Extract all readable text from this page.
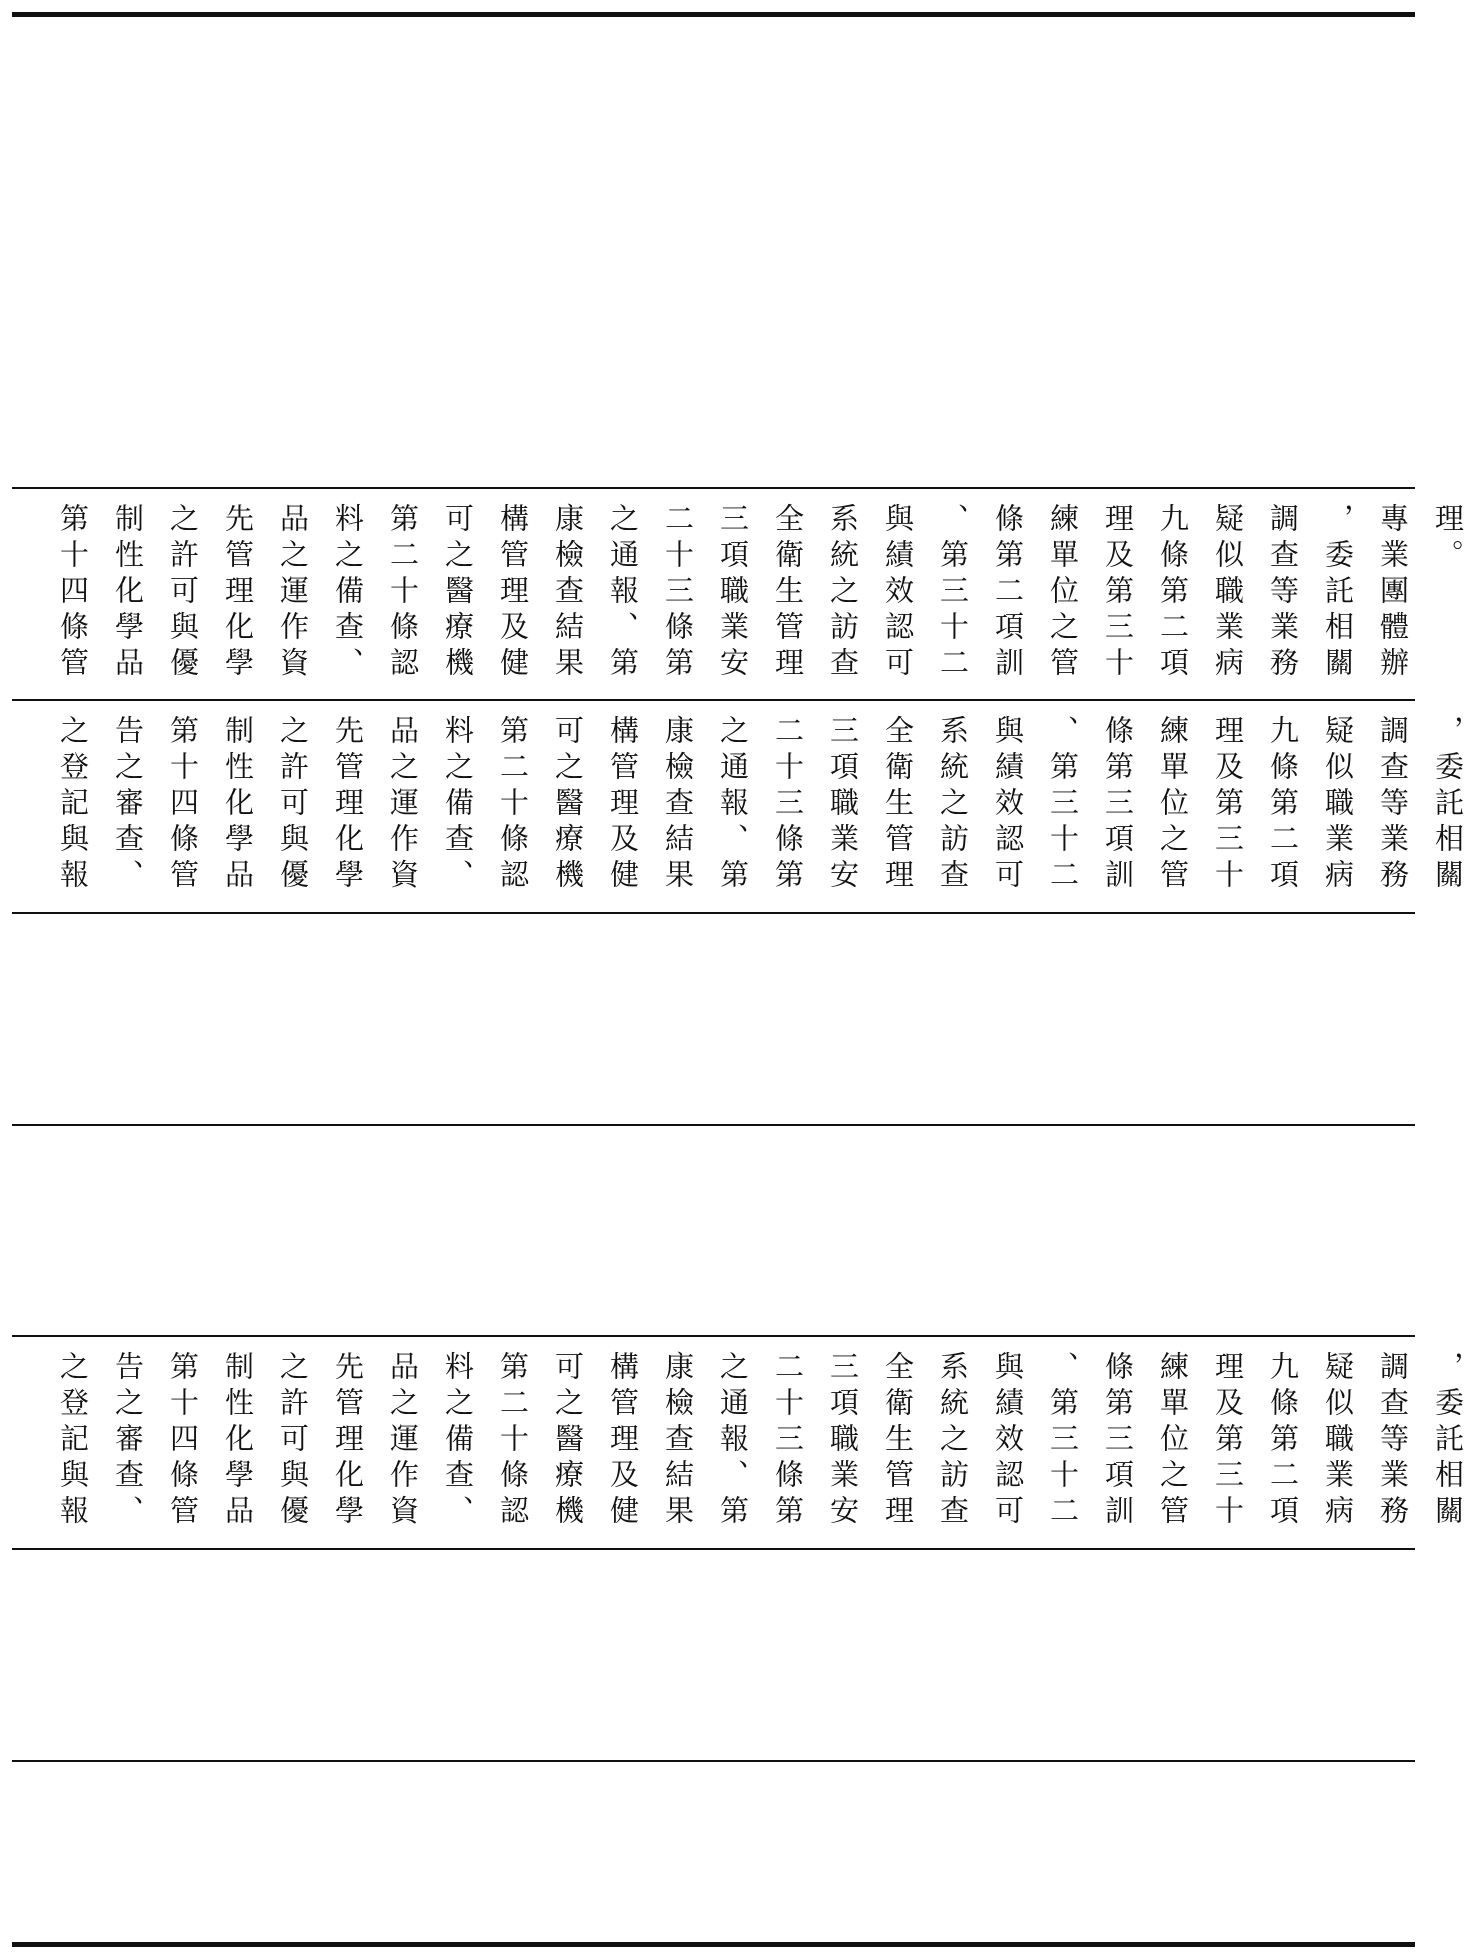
第十四條管 制性化學品 之許可與優 先管理化學 品之運作資 料之備查、 第二十條認 可之醫療機 構管理及健 康檢查結果 之通報、第 二十三條第 三項職業安 全衛生管理 系統之訪查 與績效認可 、第三十二 條第二項訓 練單位之管 理及第三十 九條第二項 疑似職業病 調查等業務 ，委託相關 專業團體辦 理。
之登記與報 告之審查、 第十四條管 制性化學品 之許可與優 先管理化學 品之運作資 料之備查、 第二十條認 可之醫療機 構管理及健 康檢查結果 之通報、第 二十三條第 三項職業安 全衛生管理 系統之訪查 與績效認可 、第三十二 條第三項訓 練單位之管 理及第三十 九條第二項 疑似職業病 調查等業務 ，委託相關
之登記與報 告之審查、 第十四條管 制性化學品 之許可與優 先管理化學 品之運作資 料之備查、 第二十條認 可之醫療機 構管理及健 康檢查結果 之通報、第 二十三條第 三項職業安 全衛生管理 系統之訪查 與績效認可 、第三十二 條第三項訓 練單位之管 理及第三十 九條第二項 疑似職業病 調查等業務 ，委託相關
